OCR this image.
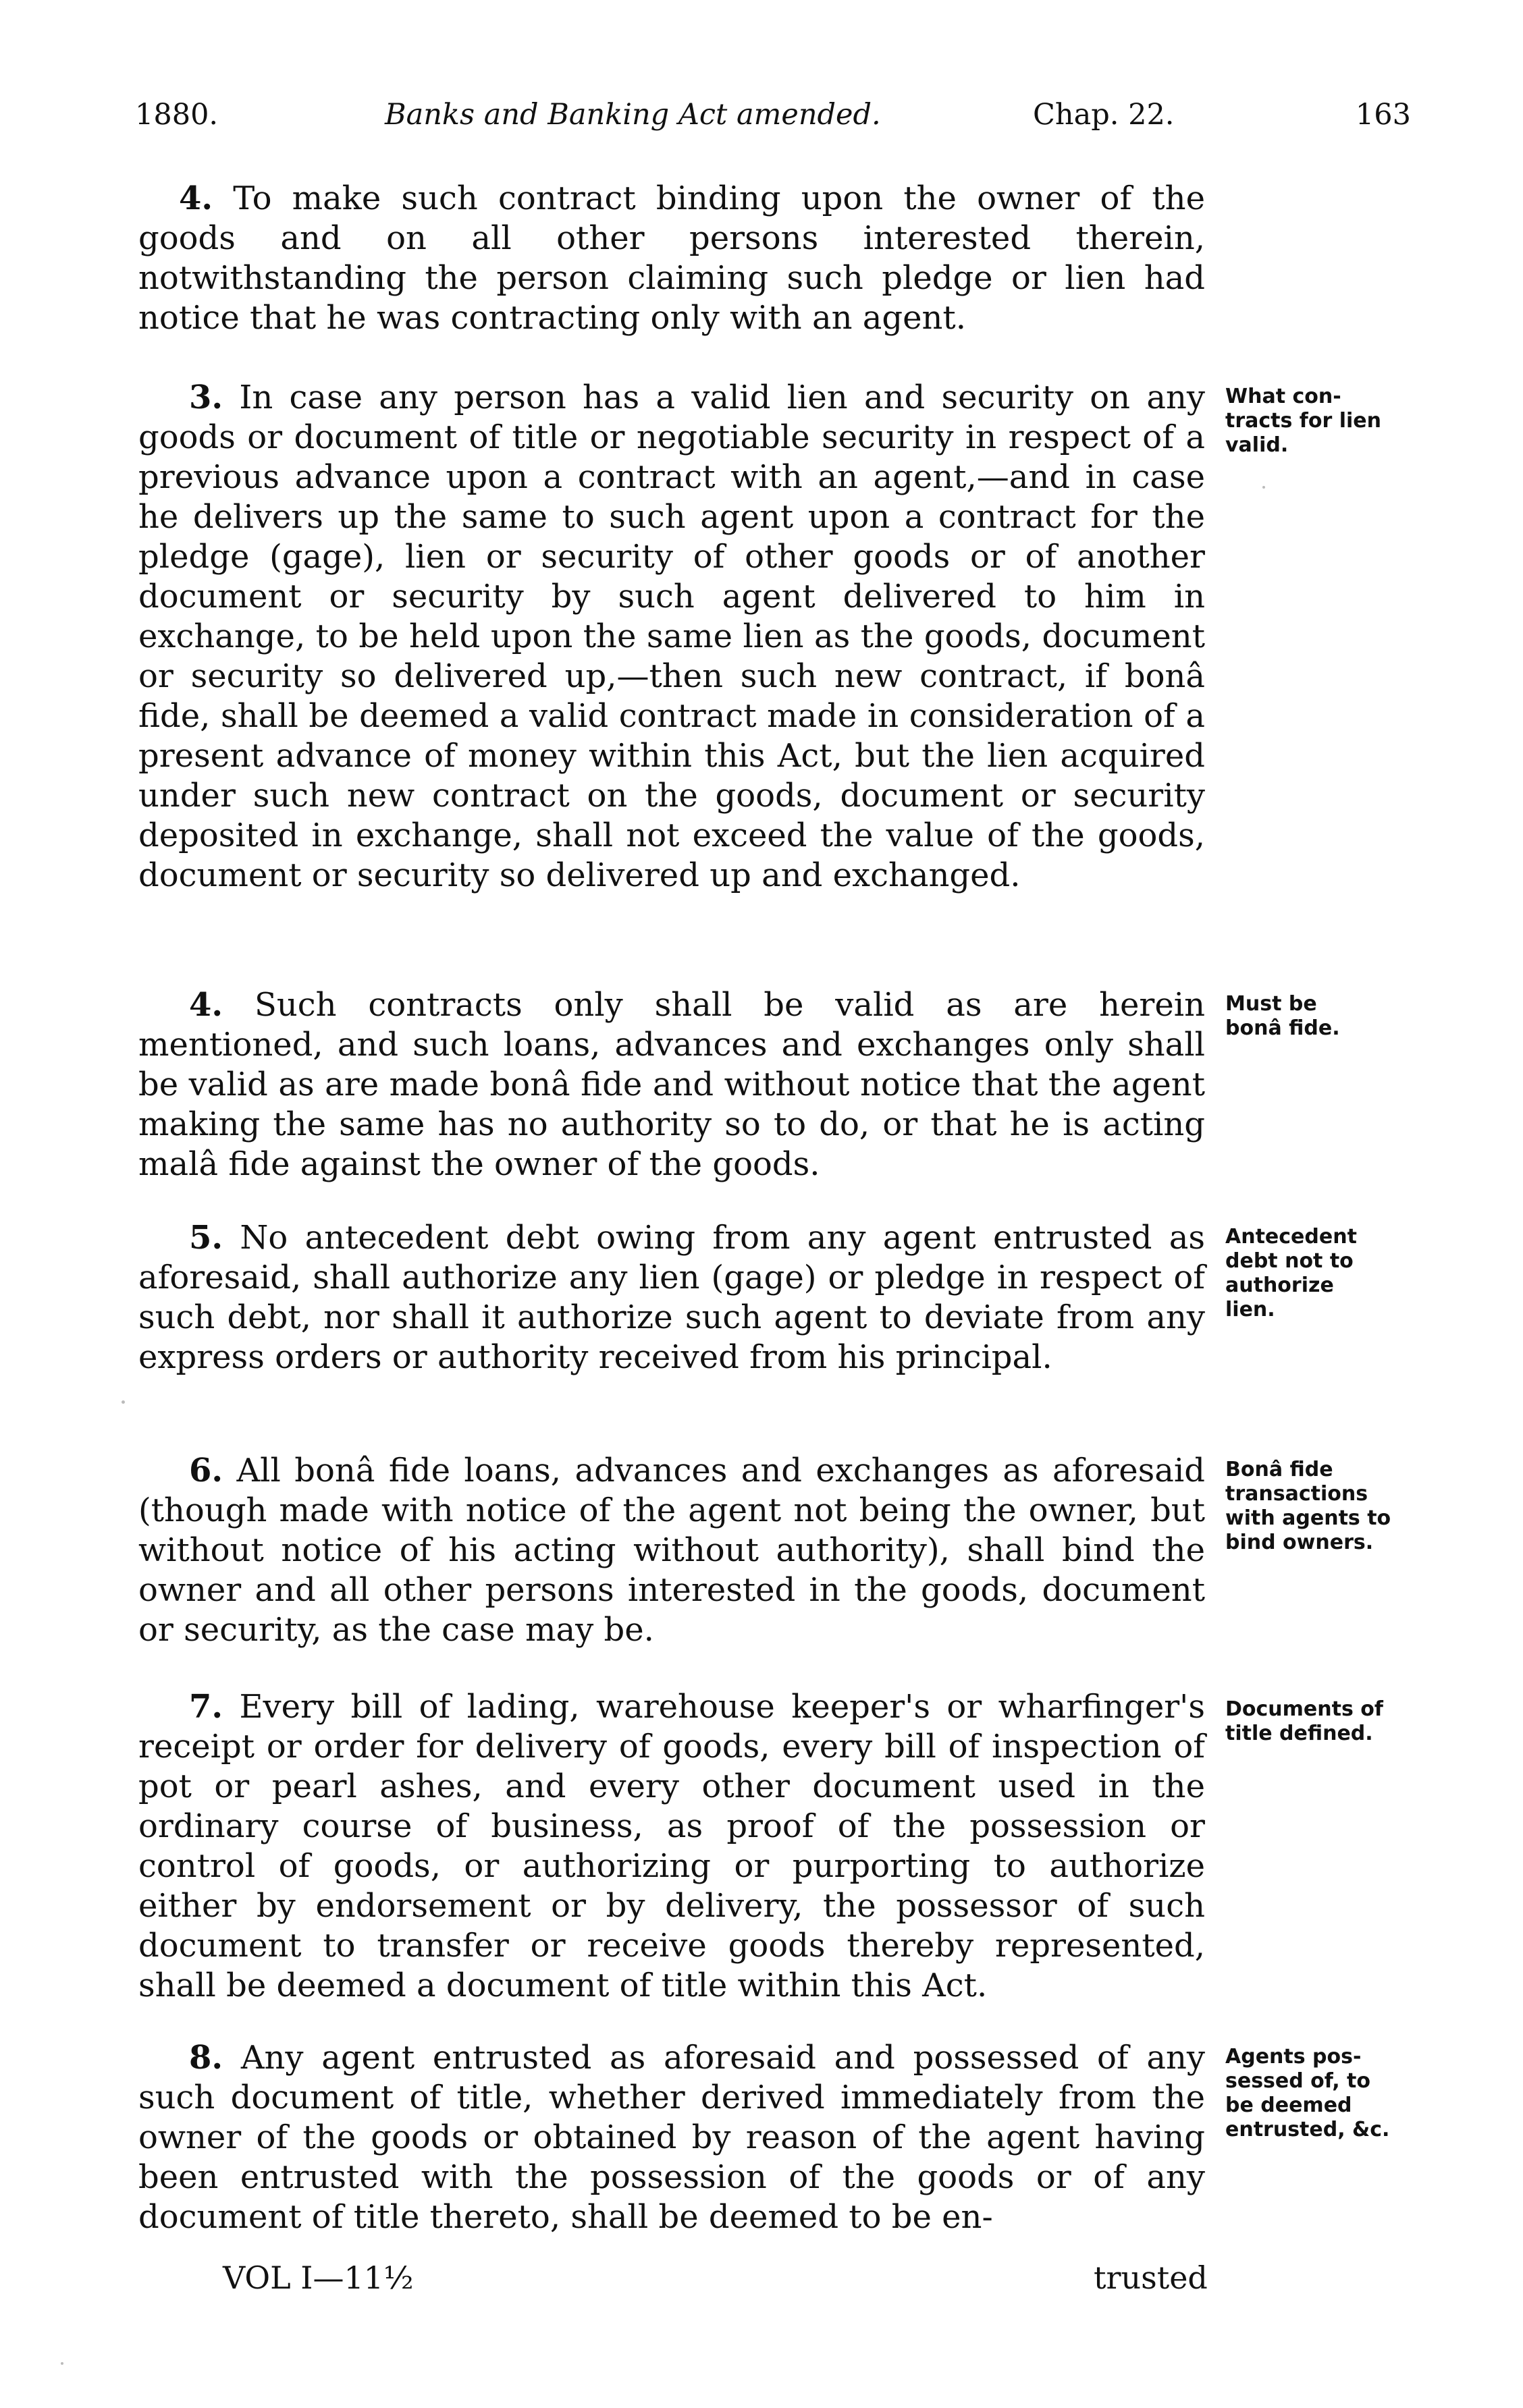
1880.	Banks and Banking Act amended.	Chap. 22.	163

4. To make such contract binding upon the owner of the goods and on all other persons interested therein, notwithstanding the person claiming such pledge or lien had notice that he was contracting only with an agent.

3. In case any person has a valid lien and security on any goods or document of title or negotiable security in respect of a previous advance upon a contract with an agent,—and in case he delivers up the same to such agent upon a contract for the pledge (gage), lien or security of other goods or of another document or security by such agent delivered to him in exchange, to be held upon the same lien as the goods, document or security so delivered up,—then such new contract, if bonâ fide, shall be deemed a valid contract made in consideration of a present advance of money within this Act, but the lien acquired under such new contract on the goods, document or security deposited in exchange, shall not exceed the value of the goods, document or security so delivered up and exchanged.

4. Such contracts only shall be valid as are herein mentioned, and such loans, advances and exchanges only shall be valid as are made bonâ fide and without notice that the agent making the same has no authority so to do, or that he is acting malâ fide against the owner of the goods.

5. No antecedent debt owing from any agent entrusted as aforesaid, shall authorize any lien (gage) or pledge in respect of such debt, nor shall it authorize such agent to deviate from any express orders or authority received from his principal.

6. All bonâ fide loans, advances and exchanges as aforesaid (though made with notice of the agent not being the owner, but without notice of his acting without authority), shall bind the owner and all other persons interested in the goods, document or security, as the case may be.

7. Every bill of lading, warehouse keeper's or wharfinger's receipt or order for delivery of goods, every bill of inspection of pot or pearl ashes, and every other document used in the ordinary course of business, as proof of the possession or control of goods, or authorizing or purporting to authorize either by endorsement or by delivery, the possessor of such document to transfer or receive goods thereby represented, shall be deemed a document of title within this Act.

8. Any agent entrusted as aforesaid and possessed of any such document of title, whether derived immediately from the owner of the goods or obtained by reason of the agent having been entrusted with the possession of the goods or of any document of title thereto, shall be deemed to be en-

What con-
tracts for lien
valid.
Must be
bonâ fide.
Antecedent
debt not to
authorize
lien.
Bonâ fide
transactions
with agents to
bind owners.
Documents of
title defined.
Agents pos-
sessed of, to
be deemed
entrusted, &c.
VOL I—11½	trusted
